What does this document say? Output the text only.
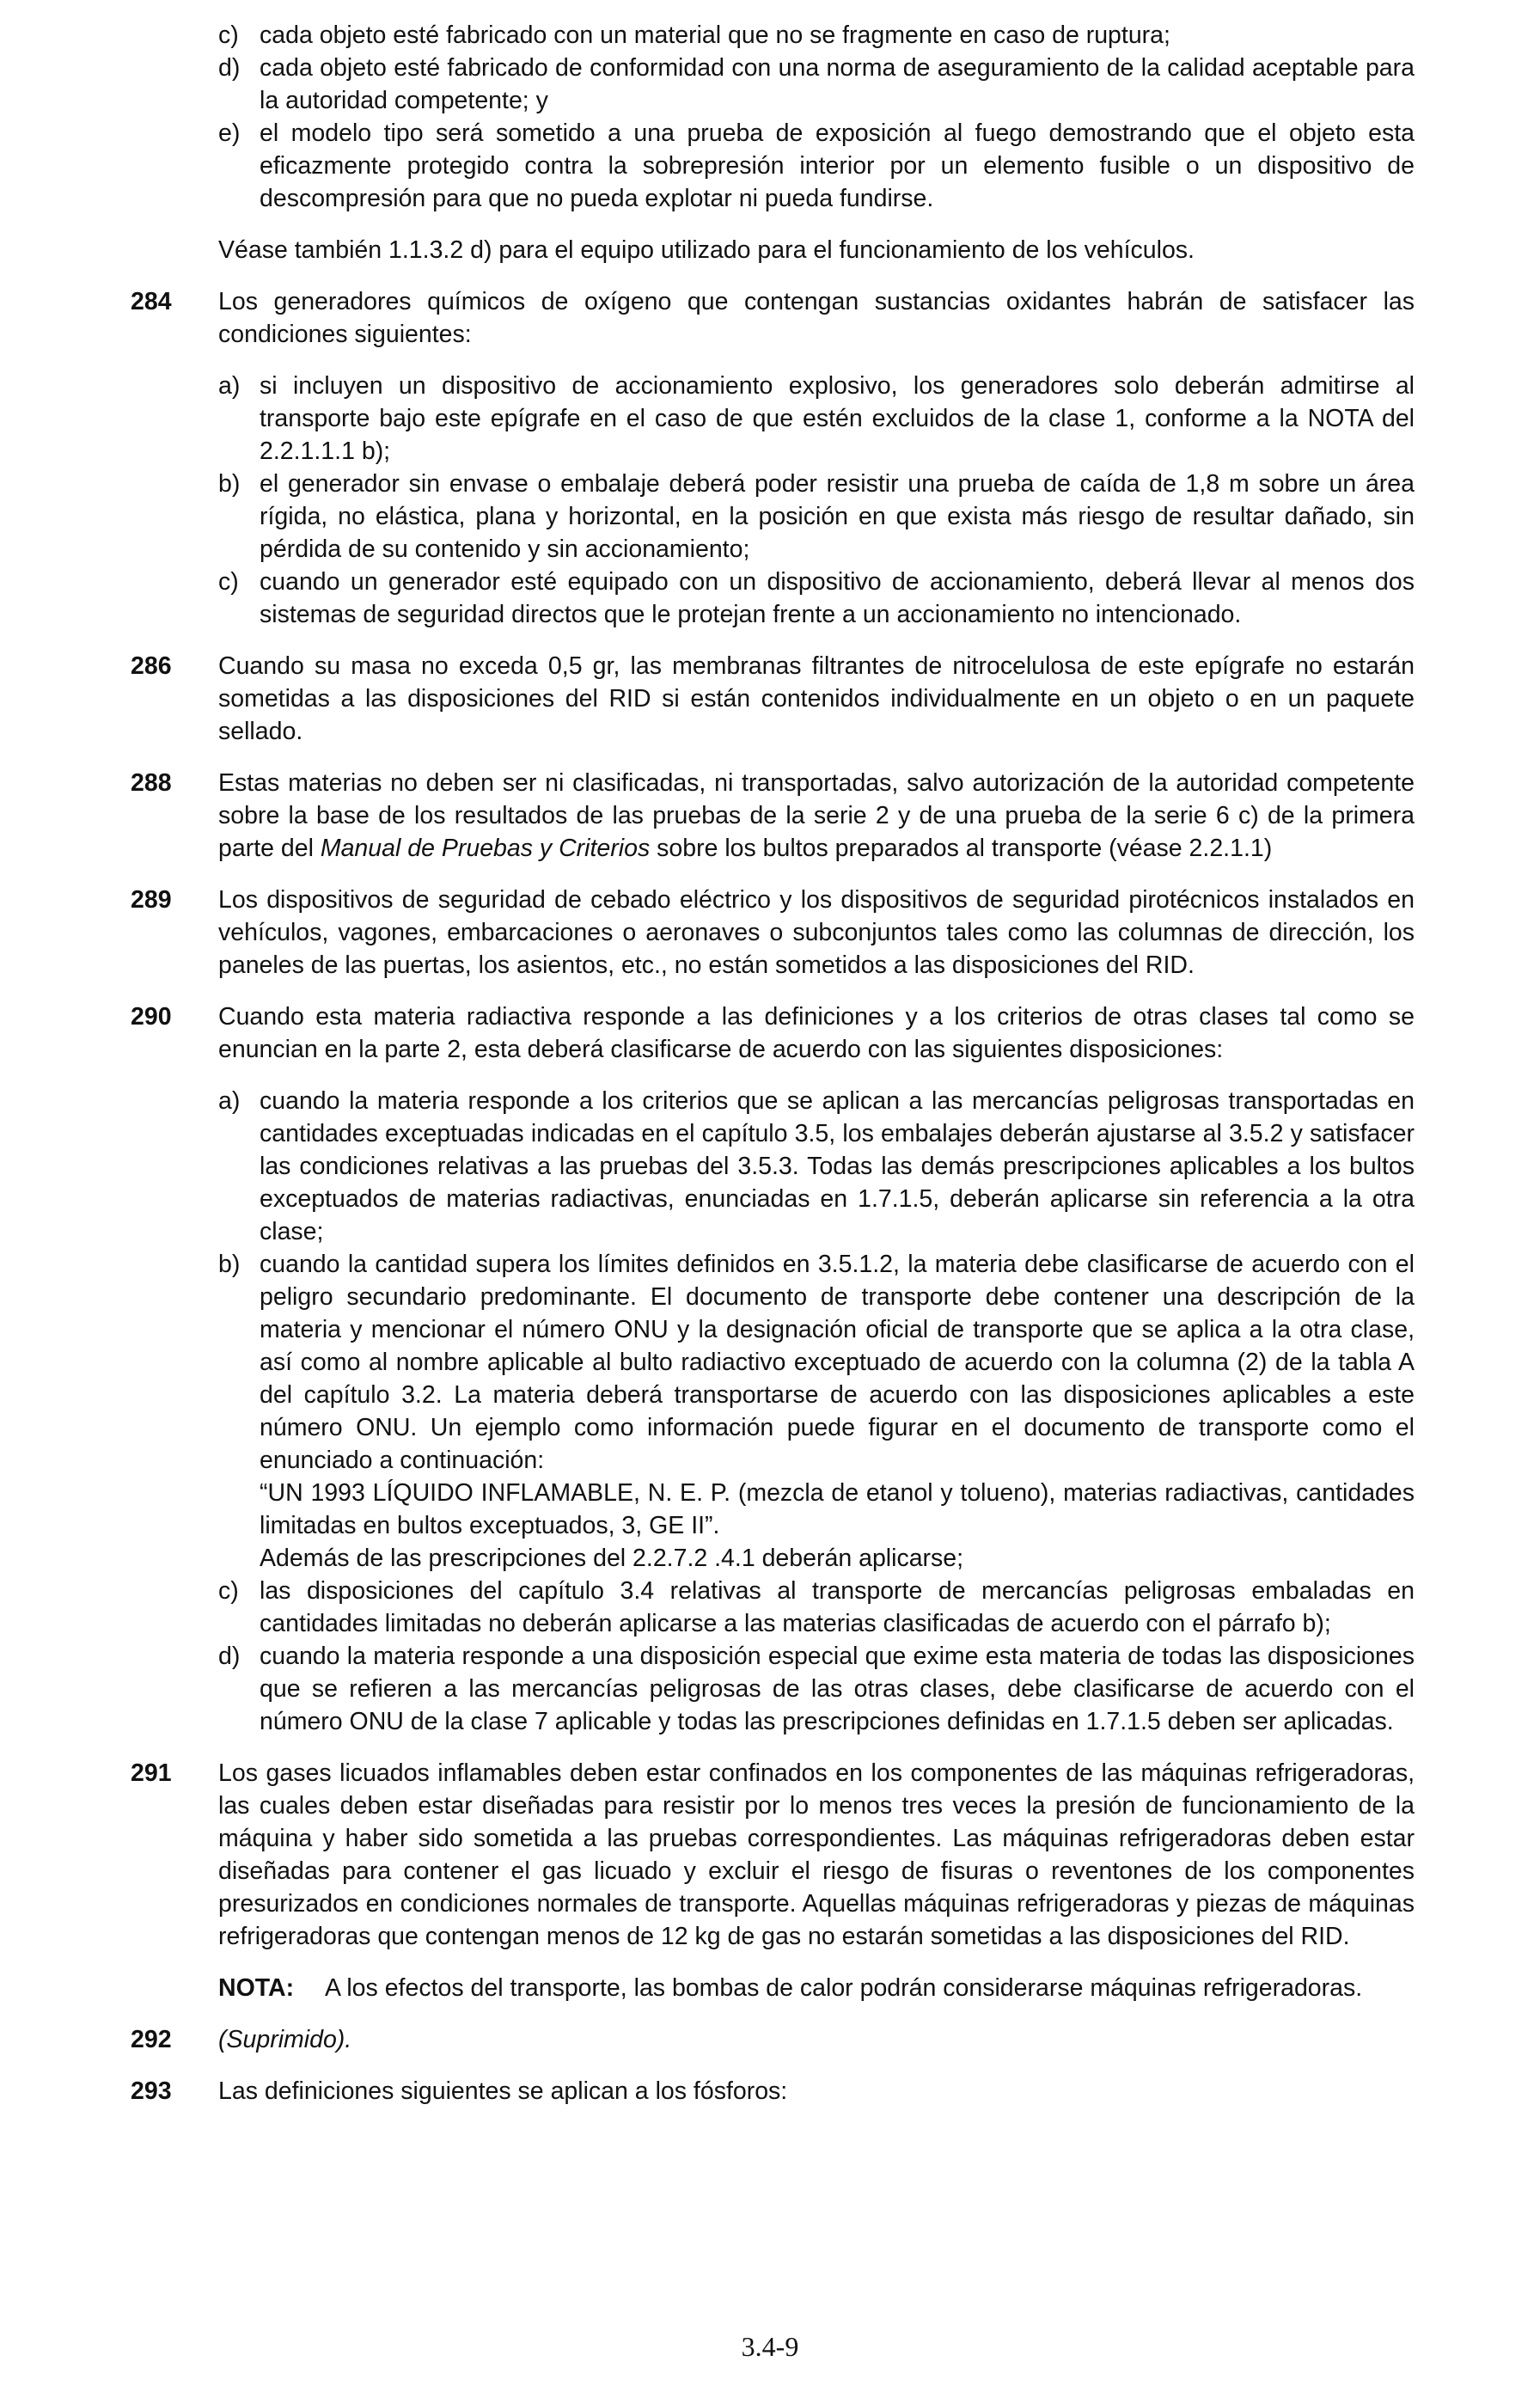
c) cada objeto esté fabricado con un material que no se fragmente en caso de ruptura;
d) cada objeto esté fabricado de conformidad con una norma de aseguramiento de la calidad aceptable para la autoridad competente; y
e) el modelo tipo será sometido a una prueba de exposición al fuego demostrando que el objeto esta eficazmente protegido contra la sobrepresión interior por un elemento fusible o un dispositivo de descompresión para que no pueda explotar ni pueda fundirse.
Véase también 1.1.3.2 d) para el equipo utilizado para el funcionamiento de los vehículos.
284	Los generadores químicos de oxígeno que contengan sustancias oxidantes habrán de satisfacer las condiciones siguientes:
a) si incluyen un dispositivo de accionamiento explosivo, los generadores solo deberán admitirse al transporte bajo este epígrafe en el caso de que estén excluidos de la clase 1, conforme a la NOTA del 2.2.1.1.1 b);
b) el generador sin envase o embalaje deberá poder resistir una prueba de caída de 1,8 m sobre un área rígida, no elástica, plana y horizontal, en la posición en que exista más riesgo de resultar dañado, sin pérdida de su contenido y sin accionamiento;
c) cuando un generador esté equipado con un dispositivo de accionamiento, deberá llevar al menos dos sistemas de seguridad directos que le protejan frente a un accionamiento no intencionado.
286	Cuando su masa no exceda 0,5 gr, las membranas filtrantes de nitrocelulosa de este epígrafe no estarán sometidas a las disposiciones del RID si están contenidos individualmente en un objeto o en un paquete sellado.
288	Estas materias no deben ser ni clasificadas, ni transportadas, salvo autorización de la autoridad competente sobre la base de los resultados de las pruebas de la serie 2 y de una prueba de la serie 6 c) de la primera parte del Manual de Pruebas y Criterios sobre los bultos preparados al transporte (véase 2.2.1.1)
289	Los dispositivos de seguridad de cebado eléctrico y los dispositivos de seguridad pirotécnicos instalados en vehículos, vagones, embarcaciones o aeronaves o subconjuntos tales como las columnas de dirección, los paneles de las puertas, los asientos, etc., no están sometidos a las disposiciones del RID.
290	Cuando esta materia radiactiva responde a las definiciones y a los criterios de otras clases tal como se enuncian en la parte 2, esta deberá clasificarse de acuerdo con las siguientes disposiciones:
a) cuando la materia responde a los criterios que se aplican a las mercancías peligrosas transportadas en cantidades exceptuadas indicadas en el capítulo 3.5, los embalajes deberán ajustarse al 3.5.2 y satisfacer las condiciones relativas a las pruebas del 3.5.3. Todas las demás prescripciones aplicables a los bultos exceptuados de materias radiactivas, enunciadas en 1.7.1.5, deberán aplicarse sin referencia a la otra clase;
b) cuando la cantidad supera los límites definidos en 3.5.1.2, la materia debe clasificarse de acuerdo con el peligro secundario predominante. El documento de transporte debe contener una descripción de la materia y mencionar el número ONU y la designación oficial de transporte que se aplica a la otra clase, así como al nombre aplicable al bulto radiactivo exceptuado de acuerdo con la columna (2) de la tabla A del capítulo 3.2. La materia deberá transportarse de acuerdo con las disposiciones aplicables a este número ONU. Un ejemplo como información puede figurar en el documento de transporte como el enunciado a continuación:
“UN 1993 LÍQUIDO INFLAMABLE, N. E. P. (mezcla de etanol y tolueno), materias radiactivas, cantidades limitadas en bultos exceptuados, 3, GE II”.
Además de las prescripciones del 2.2.7.2 .4.1 deberán aplicarse;
c) las disposiciones del capítulo 3.4 relativas al transporte de mercancías peligrosas embaladas en cantidades limitadas no deberán aplicarse a las materias clasificadas de acuerdo con el párrafo b);
d) cuando la materia responde a una disposición especial que exime esta materia de todas las disposiciones que se refieren a las mercancías peligrosas de las otras clases, debe clasificarse de acuerdo con el número ONU de la clase 7 aplicable y todas las prescripciones definidas en 1.7.1.5 deben ser aplicadas.
291	Los gases licuados inflamables deben estar confinados en los componentes de las máquinas refrigeradoras, las cuales deben estar diseñadas para resistir por lo menos tres veces la presión de funcionamiento de la máquina y haber sido sometida a las pruebas correspondientes. Las máquinas refrigeradoras deben estar diseñadas para contener el gas licuado y excluir el riesgo de fisuras o reventones de los componentes presurizados en condiciones normales de transporte. Aquellas máquinas refrigeradoras y piezas de máquinas refrigeradoras que contengan menos de 12 kg de gas no estarán sometidas a las disposiciones del RID.
NOTA:	A los efectos del transporte, las bombas de calor podrán considerarse máquinas refrigeradoras.
292	(Suprimido).
293	Las definiciones siguientes se aplican a los fósforos:
3.4-9
